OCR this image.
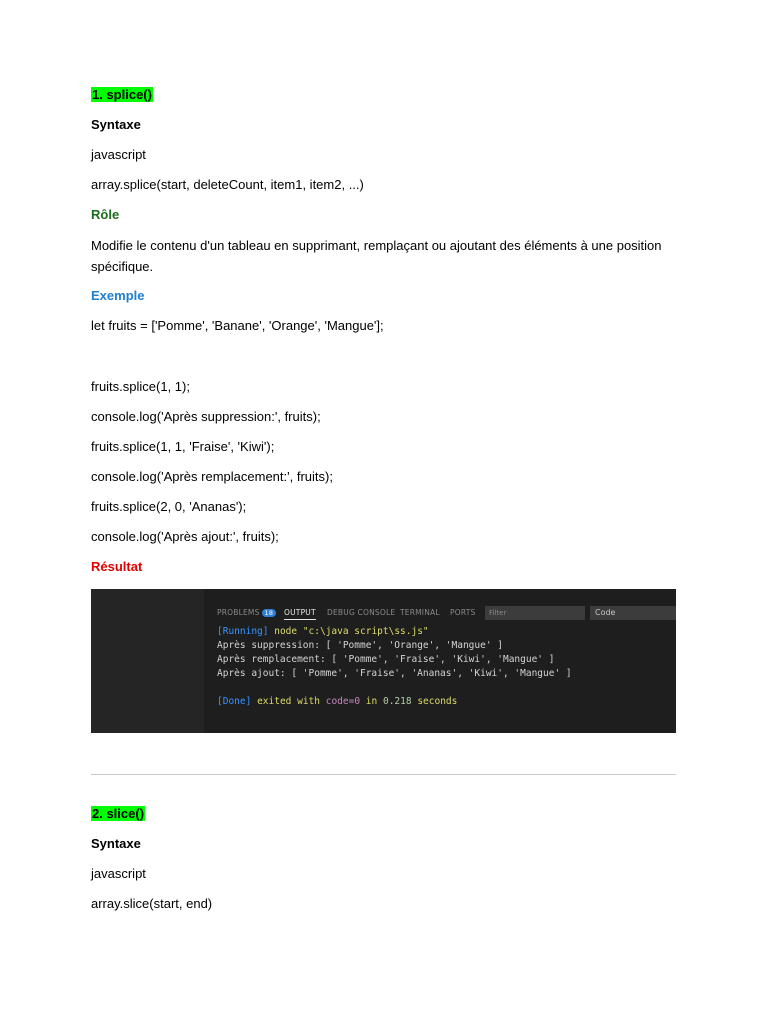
1. splice()
Syntaxe
javascript
array.splice(start, deleteCount, item1, item2, ...)
Rôle
Modifie le contenu d'un tableau en supprimant, remplaçant ou ajoutant des éléments à une position spécifique.
Exemple
let fruits = ['Pomme', 'Banane', 'Orange', 'Mangue'];
fruits.splice(1, 1);
console.log('Après suppression:', fruits);
fruits.splice(1, 1, 'Fraise', 'Kiwi');
console.log('Après remplacement:', fruits);
fruits.splice(2, 0, 'Ananas');
console.log('Après ajout:', fruits);
Résultat
PROBLEMS 18	OUTPUT DEBUG CONSOLE TERMINAL PORTS	Filter	Code
[Running] node "c:\java script\ss.js"
Après suppression: [ 'Pomme', 'Orange', 'Mangue' ]
Après remplacement: [ 'Pomme', 'Fraise', 'Kiwi', 'Mangue' ]
Après ajout: [ 'Pomme', 'Fraise', 'Ananas', 'Kiwi', 'Mangue' ]

[Done] exited with code=0 in 0.218 seconds
2. slice()
Syntaxe
javascript
array.slice(start, end)
